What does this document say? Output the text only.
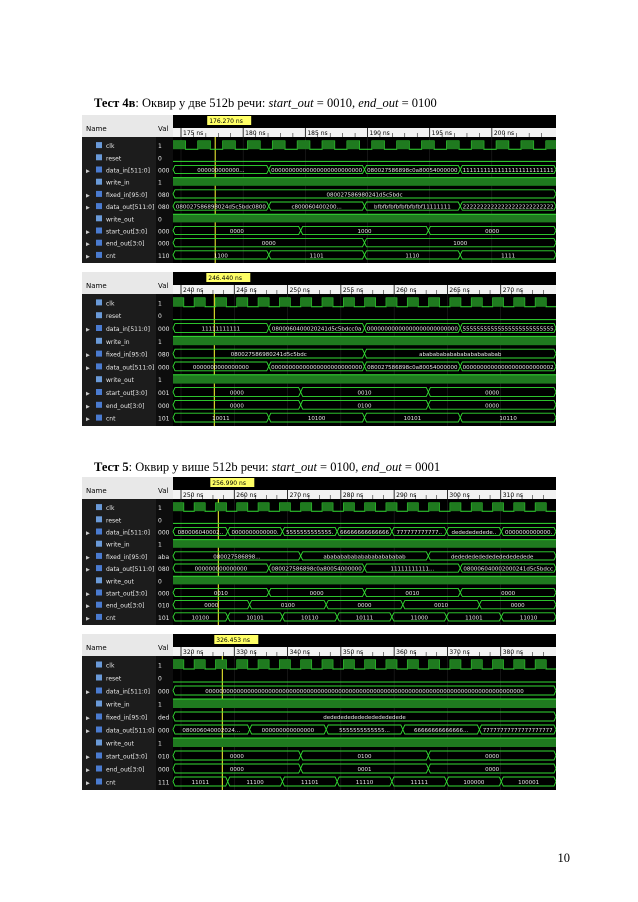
Тест 4в: Оквир у две 512b речи: start_out = 0010, end_out = 0100
Name	Val
175 ns	180 ns	185 ns	190 ns	195 ns	200 ns
176.270 ns
clk	1
reset	0
▶	data_in[511:0] 000	000000000000...	00000000000000000000000000 080027586898c0a80054000000 11111111111111111111111111
write_in	1
▶	fixed_in[95:0] 080	080027586980241d5c5bdc
▶	data_out[511:0] 080 080027586898024d5c5bdc0800	c800060400200...	bfbfbfbfbfbfbfbfbf11111111 22222222222222222222222222
write_out	0
▶	start_out[3:0] 000	0000	1000	0000
▶	end_out[3:0] 000	0000	1000
▶	cnt	110	1100	1101	1110	1111
Name	Val
240 ns	245 ns	250 ns	255 ns	260 ns	265 ns	270 ns
246.440 ns
clk	1
reset	0
▶	data_in[511:0] 000	11111111111	0800060400020241d5c5bdcc0a 00000000000000000000000000 55555555555555555555555555
write_in	1
▶	fixed_in[95:0] 080	080027586980241d5c5bdc	abababababababababababab
▶	data_out[511:0] 000	0000000000000000	00000000000000000000000000 080027586898c0a80054000000 00000000000000000000000002
write_out	1
▶	start_out[3:0] 001	0000	0010	0000
▶	end_out[3:0] 000	0000	0100	0000
▶	cnt	101	10011	10100	10101	10110
Тест 5: Оквир у више 512b речи: start_out = 0100, end_out = 0001
Name	Val
250 ns	260 ns	270 ns	280 ns	290 ns	300 ns	310 ns
256.990 ns
clk	1
reset	0
▶	data_in[511:0] 000 080006040002.. 0000000000000. 5555555555555. 66666666666666 777777777777.. dededededede.. 0000000000000.
write_in	1
▶	fixed_in[95:0] aba	080027586898...	abababababababababababab	dededededededededededede
▶	data_out[511:0] 080	000000000000000	080027586898c0a80054000000	11111111111...	080006040002000241d5c5bdcc
write_out	0
▶	start_out[3:0] 000	0010	0000	0010	0000
▶	end_out[3:0] 010	0000	0100	0000	0010	0000
▶	cnt	101	10100	10101	10110	10111	11000	11001	11010
Name	Val
320 ns	330 ns	340 ns	350 ns	360 ns	370 ns	380 ns
326.453 ns
clk	1
reset	0
▶	data_in[511:0] 000	0000000000000000000000000000000000000000000000000000000000000000000000000000000000000000000
write_in	1
▶	fixed_in[95:0] ded	dededededededededededede
▶	data_out[511:0] 000 080006040002024...	000000000000000	5555555555555...	66666666666666...	77777777777777777777
write_out	1
▶	start_out[3:0] 010	0000	0100	0000
▶	end_out[3:0] 000	0000	0001	0000
▶	cnt	111	11011	11100	11101	11110	11111	100000	100001
10
